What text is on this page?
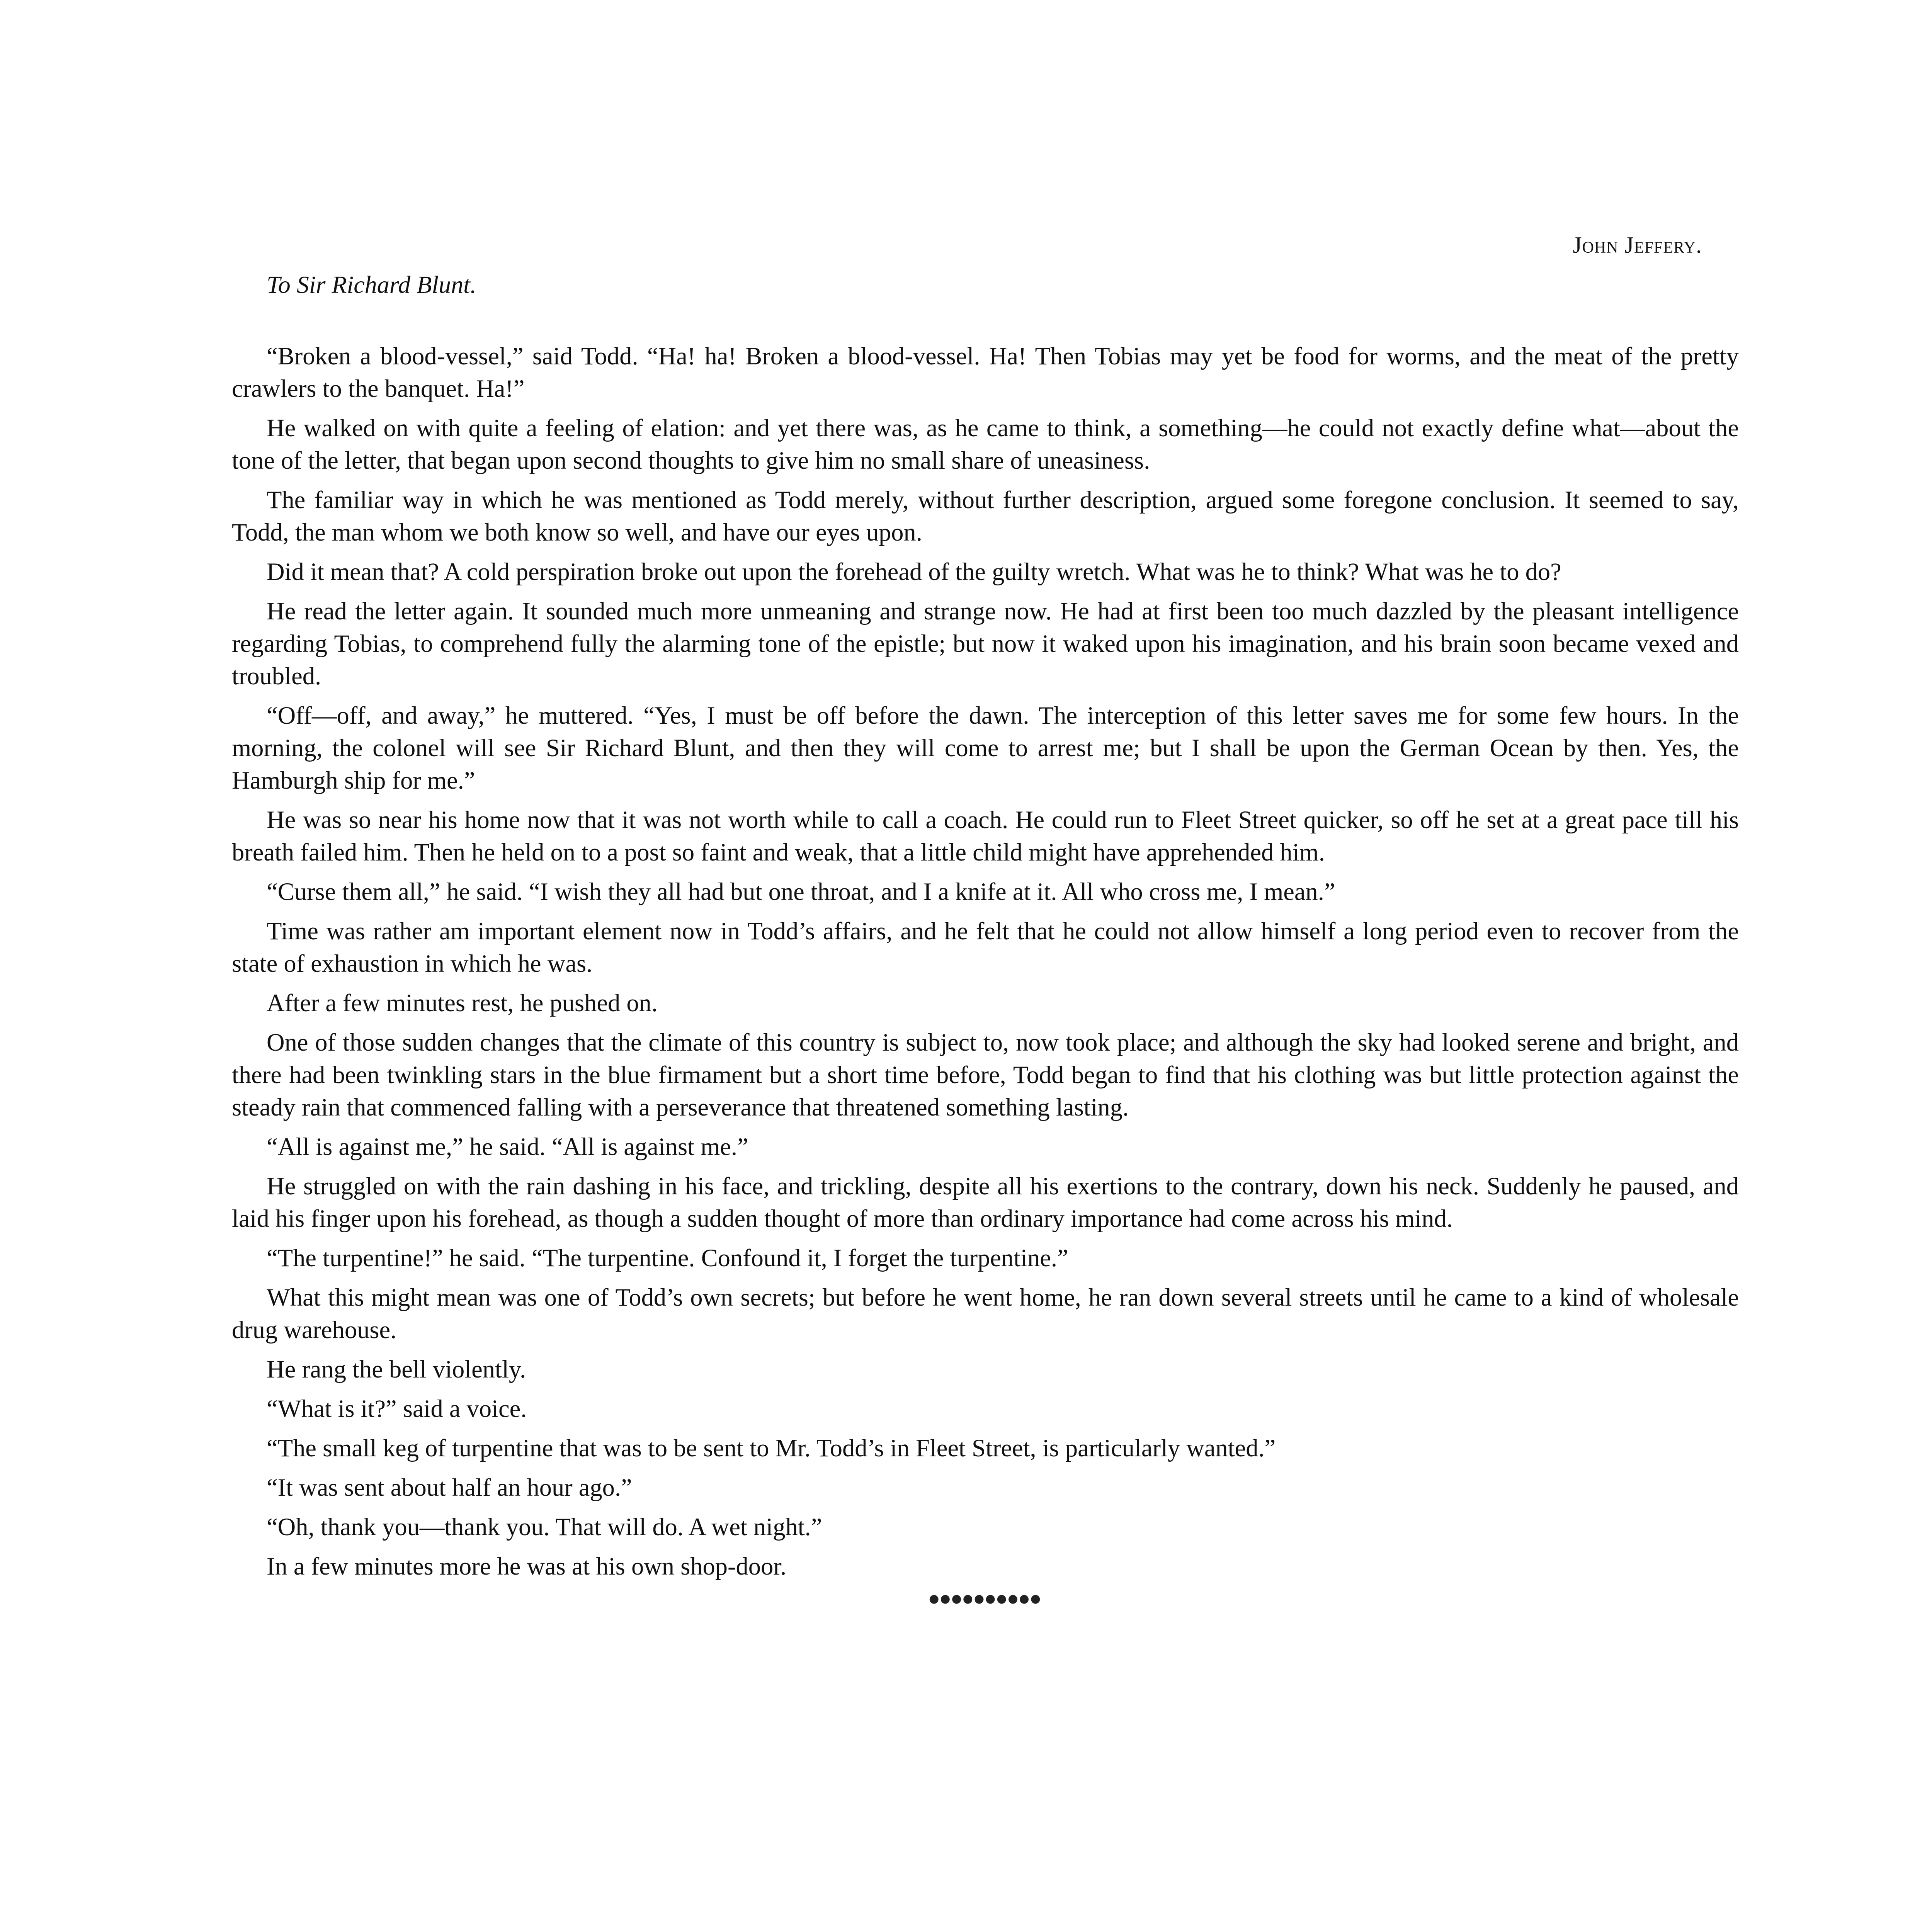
John Jeffery.
To Sir Richard Blunt.

“Broken a blood-vessel,” said Todd. “Ha! ha! Broken a blood-vessel. Ha! Then Tobias may yet be food for worms, and the meat of the pretty crawlers to the banquet. Ha!”

He walked on with quite a feeling of elation: and yet there was, as he came to think, a something—he could not exactly define what—about the tone of the letter, that began upon second thoughts to give him no small share of uneasiness.

The familiar way in which he was mentioned as Todd merely, without further description, argued some foregone conclusion. It seemed to say, Todd, the man whom we both know so well, and have our eyes upon.

Did it mean that? A cold perspiration broke out upon the forehead of the guilty wretch. What was he to think? What was he to do?

He read the letter again. It sounded much more unmeaning and strange now. He had at first been too much dazzled by the pleasant intelligence regarding Tobias, to comprehend fully the alarming tone of the epistle; but now it waked upon his imagination, and his brain soon became vexed and troubled.

“Off—off, and away,” he muttered. “Yes, I must be off before the dawn. The interception of this letter saves me for some few hours. In the morning, the colonel will see Sir Richard Blunt, and then they will come to arrest me; but I shall be upon the German Ocean by then. Yes, the Hamburgh ship for me.”

He was so near his home now that it was not worth while to call a coach. He could run to Fleet Street quicker, so off he set at a great pace till his breath failed him. Then he held on to a post so faint and weak, that a little child might have apprehended him.

“Curse them all,” he said. “I wish they all had but one throat, and I a knife at it. All who cross me, I mean.”

Time was rather am important element now in Todd’s affairs, and he felt that he could not allow himself a long period even to recover from the state of exhaustion in which he was.

After a few minutes rest, he pushed on.

One of those sudden changes that the climate of this country is subject to, now took place; and although the sky had looked serene and bright, and there had been twinkling stars in the blue firmament but a short time before, Todd began to find that his clothing was but little protection against the steady rain that commenced falling with a perseverance that threatened something lasting.

“All is against me,” he said. “All is against me.”

He struggled on with the rain dashing in his face, and trickling, despite all his exertions to the contrary, down his neck. Suddenly he paused, and laid his finger upon his forehead, as though a sudden thought of more than ordinary importance had come across his mind.

“The turpentine!” he said. “The turpentine. Confound it, I forget the turpentine.”

What this might mean was one of Todd’s own secrets; but before he went home, he ran down several streets until he came to a kind of wholesale drug warehouse.

He rang the bell violently.

“What is it?” said a voice.

“The small keg of turpentine that was to be sent to Mr. Todd’s in Fleet Street, is particularly wanted.”

“It was sent about half an hour ago.”

“Oh, thank you—thank you. That will do. A wet night.”

In a few minutes more he was at his own shop-door.

●●●●●●●●●●
